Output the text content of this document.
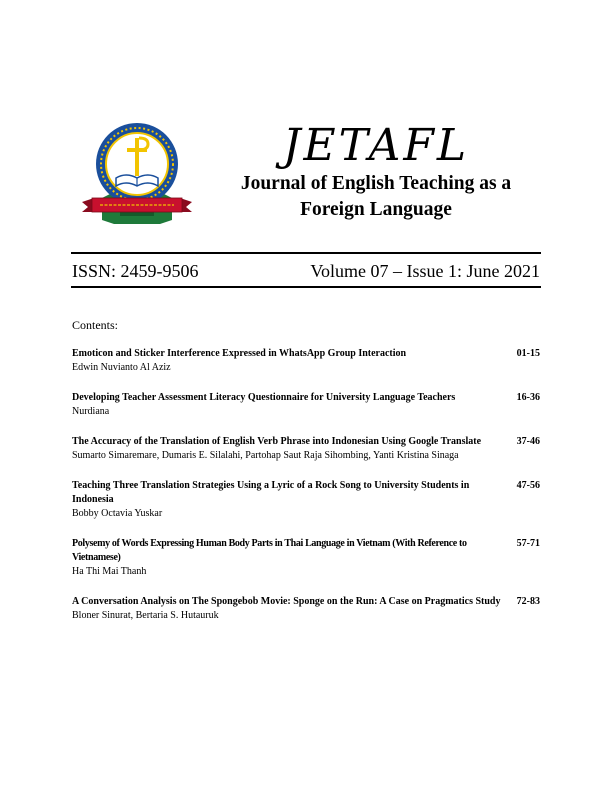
JETAFL
Journal of English Teaching as a
Foreign Language
ISSN: 2459-9506	Volume 07 – Issue 1: June 2021
Contents:
Emoticon and Sticker Interference Expressed in WhatsApp Group Interaction	01-15
Edwin Nuvianto Al Aziz
Developing Teacher Assessment Literacy Questionnaire for University Language Teachers	16-36
Nurdiana
The Accuracy of the Translation of English Verb Phrase into Indonesian Using Google Translate	37-46
Sumarto Simaremare, Dumaris E. Silalahi, Partohap Saut Raja Sihombing, Yanti Kristina Sinaga
Teaching Three Translation Strategies Using a Lyric of a Rock Song to University Students in Indonesia
47-56
Bobby Octavia Yuskar
Polysemy of Words Expressing Human Body Parts in Thai Language in Vietnam (With Reference to Vietnamese)
57-71
Ha Thi Mai Thanh
A Conversation Analysis on The Spongebob Movie: Sponge on the Run: A Case on Pragmatics Study 72-83
Bloner Sinurat, Bertaria S. Hutauruk
